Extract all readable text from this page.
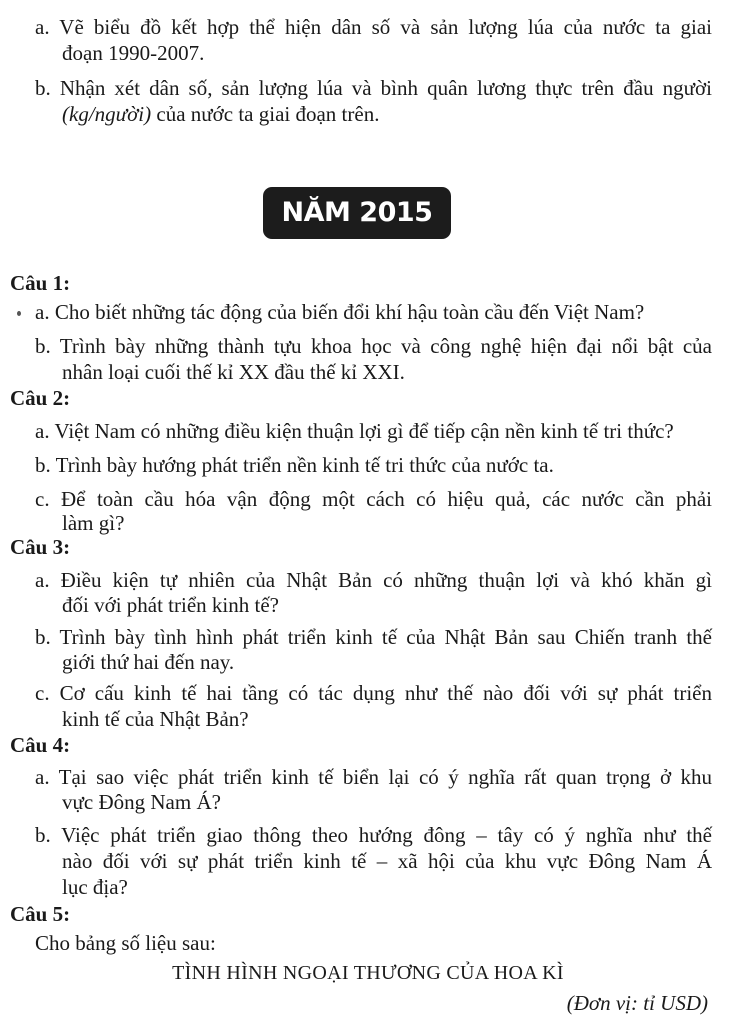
a. Vẽ biểu đồ kết hợp thể hiện dân số và sản lượng lúa của nước ta giai
đoạn 1990-2007.
b. Nhận xét dân số, sản lượng lúa và bình quân lương thực trên đầu người
(kg/người) của nước ta giai đoạn trên.
NĂM 2015
Câu 1:
a. Cho biết những tác động của biến đổi khí hậu toàn cầu đến Việt Nam?
b. Trình bày những thành tựu khoa học và công nghệ hiện đại nổi bật của
nhân loại cuối thế kỉ XX đầu thế kỉ XXI.
Câu 2:
a. Việt Nam có những điều kiện thuận lợi gì để tiếp cận nền kinh tế tri thức?
b. Trình bày hướng phát triển nền kinh tế tri thức của nước ta.
c. Để toàn cầu hóa vận động một cách có hiệu quả, các nước cần phải
làm gì?
Câu 3:
a. Điều kiện tự nhiên của Nhật Bản có những thuận lợi và khó khăn gì
đối với phát triển kinh tế?
b. Trình bày tình hình phát triển kinh tế của Nhật Bản sau Chiến tranh thế
giới thứ hai đến nay.
c. Cơ cấu kinh tế hai tầng có tác dụng như thế nào đối với sự phát triển
kinh tế của Nhật Bản?
Câu 4:
a. Tại sao việc phát triển kinh tế biển lại có ý nghĩa rất quan trọng ở khu
vực Đông Nam Á?
b. Việc phát triển giao thông theo hướng đông – tây có ý nghĩa như thế
nào đối với sự phát triển kinh tế – xã hội của khu vực Đông Nam Á
lục địa?
Câu 5:
Cho bảng số liệu sau:
TÌNH HÌNH NGOẠI THƯƠNG CỦA HOA KÌ
(Đơn vị: tỉ USD)
